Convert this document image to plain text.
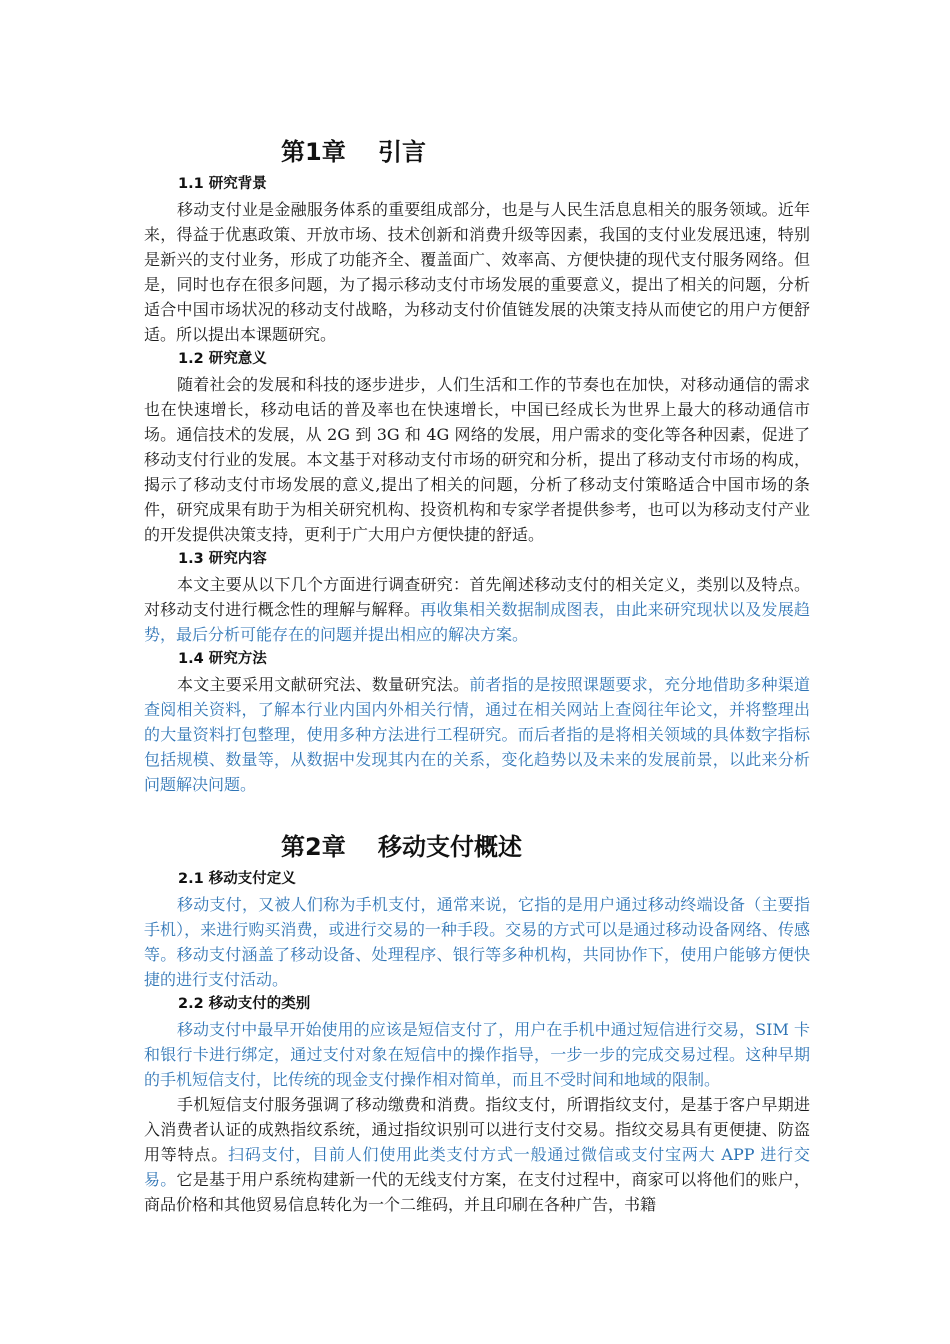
第1章 引言
1.1 研究背景

移动支付业是金融服务体系的重要组成部分，也是与人民生活息息相关的服务领域。近年来，得益于优惠政策、开放市场、技术创新和消费升级等因素，我国的支付业发展迅速，特别是新兴的支付业务，形成了功能齐全、覆盖面广、效率高、方便快捷的现代支付服务网络。但是，同时也存在很多问题，为了揭示移动支付市场发展的重要意义，提出了相关的问题，分析适合中国市场状况的移动支付战略，为移动支付价值链发展的决策支持从而使它的用户方便舒适。所以提出本课题研究。

1.2 研究意义

随着社会的发展和科技的逐步进步，人们生活和工作的节奏也在加快，对移动通信的需求也在快速增长，移动电话的普及率也在快速增长，中国已经成长为世界上最大的移动通信市场。通信技术的发展，从 2G 到 3G 和 4G 网络的发展，用户需求的变化等各种因素，促进了移动支付行业的发展。本文基于对移动支付市场的研究和分析，提出了移动支付市场的构成，揭示了移动支付市场发展的意义,提出了相关的问题，分析了移动支付策略适合中国市场的条件，研究成果有助于为相关研究机构、投资机构和专家学者提供参考，也可以为移动支付产业的开发提供决策支持，更利于广大用户方便快捷的舒适。

1.3 研究内容

本文主要从以下几个方面进行调查研究：首先阐述移动支付的相关定义，类别以及特点。对移动支付进行概念性的理解与解释。再收集相关数据制成图表，由此来研究现状以及发展趋势，最后分析可能存在的问题并提出相应的解决方案。

1.4 研究方法

本文主要采用文献研究法、数量研究法。前者指的是按照课题要求，充分地借助多种渠道查阅相关资料，了解本行业内国内外相关行情，通过在相关网站上查阅往年论文，并将整理出的大量资料打包整理，使用多种方法进行工程研究。而后者指的是将相关领域的具体数字指标包括规模、数量等，从数据中发现其内在的关系，变化趋势以及未来的发展前景，以此来分析问题解决问题。

第2章 移动支付概述
2.1 移动支付定义

移动支付，又被人们称为手机支付，通常来说，它指的是用户通过移动终端设备（主要指手机），来进行购买消费，或进行交易的一种手段。交易的方式可以是通过移动设备网络、传感等。移动支付涵盖了移动设备、处理程序、银行等多种机构，共同协作下，使用户能够方便快捷的进行支付活动。

2.2 移动支付的类别

移动支付中最早开始使用的应该是短信支付了，用户在手机中通过短信进行交易，SIM 卡和银行卡进行绑定，通过支付对象在短信中的操作指导，一步一步的完成交易过程。这种早期的手机短信支付，比传统的现金支付操作相对简单，而且不受时间和地域的限制。

手机短信支付服务强调了移动缴费和消费。指纹支付，所谓指纹支付，是基于客户早期进入消费者认证的成熟指纹系统，通过指纹识别可以进行支付交易。指纹交易具有更便捷、防盗用等特点。扫码支付，目前人们使用此类支付方式一般通过微信或支付宝两大 APP 进行交易。它是基于用户系统构建新一代的无线支付方案，在支付过程中，商家可以将他们的账户，商品价格和其他贸易信息转化为一个二维码，并且印刷在各种广告，书籍
